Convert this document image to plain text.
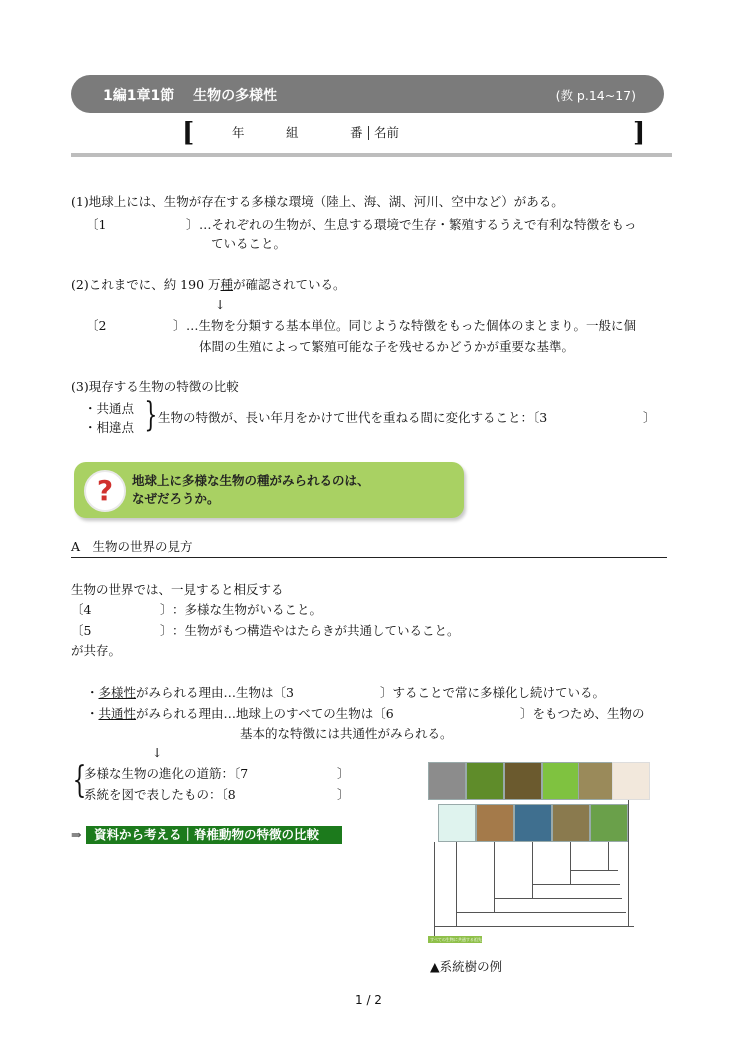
1編1章1節　 生物の多様性	(教 p.14~17)
[	年	組	番 名前	]
(1)地球上には、生物が存在する多様な環境（陸上、海、湖、河川、空中など）がある。
〔1	〕 …それぞれの生物が、生息する環境で生存・繁殖するうえで有利な特徴をもっ
ていること。
(2)これまでに、約 190 万種が確認されている。
↓
〔2	〕 …生物を分類する基本単位。同じような特徴をもった個体のまとまり。一般に個
体間の生殖によって繁殖可能な子を残せるかどうかが重要な基準。
(3)現存する生物の特徴の比較
・共通点
・相違点 } 生物の特徴が、長い年月をかけて世代を重ねる間に変化すること：〔3	〕
?	地球上に多様な生物の種がみられるのは、
なぜだろうか。
A　生物の世界の見方
生物の世界では、一見すると相反する
〔4	〕 ：多様な生物がいること。
〔5	〕 ：生物がもつ構造やはたらきが共通していること。
が共存。
・多様性がみられる理由…生物は〔3	〕することで常に多様化し続けている。
・共通性がみられる理由…地球上のすべての生物は〔6	〕をもつため、生物の
基本的な特徴には共通性がみられる。
↓
{
多様な生物の進化の道筋：〔7	〕
系統を図で表したもの：〔8	〕
⇒	資料から考える｜脊椎動物の特徴の比較
すべての生物に共通する祖先
▲系統樹の例
1 / 2
